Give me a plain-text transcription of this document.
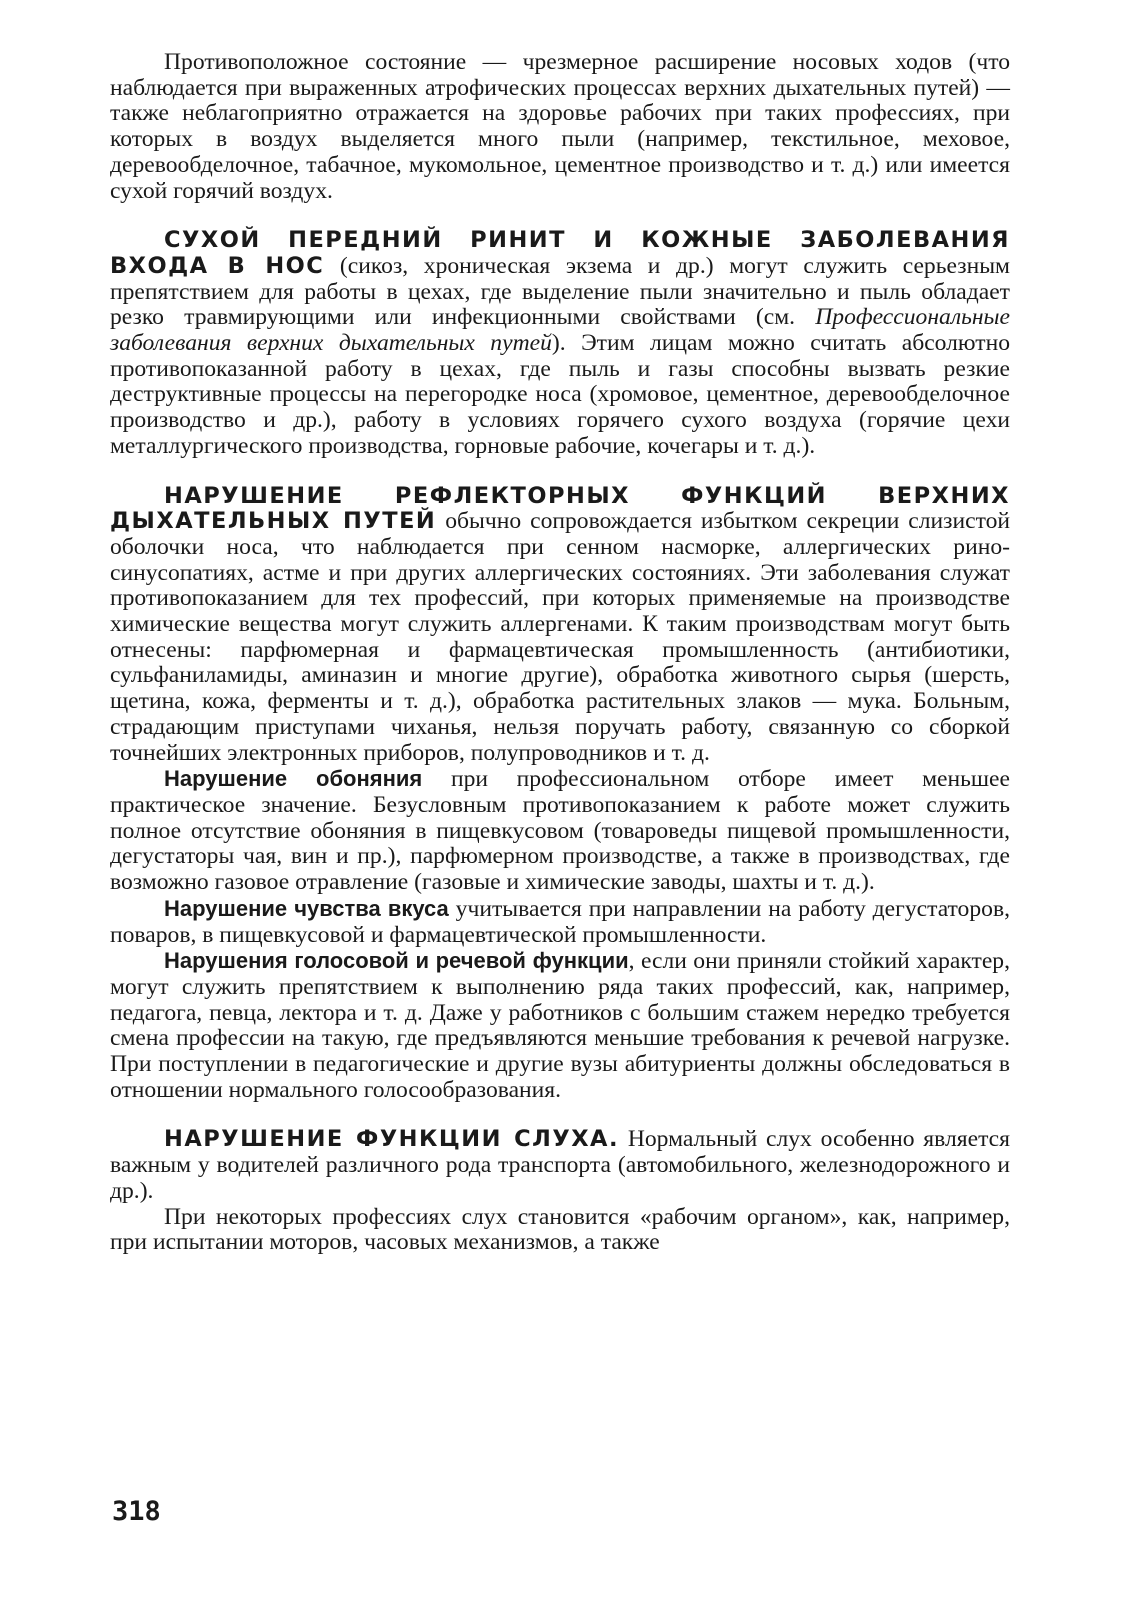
Противоположное состояние — чрезмерное расширение носовых ходов (что наблюдается при выраженных атрофических процессах верхних дыхательных путей) — также неблагоприятно отражается на здоровье рабочих при таких профессиях, при которых в воздух выделяется много пыли (например, текстильное, меховое, деревообделочное, табачное, мукомольное, цементное производство и т. д.) или имеется сухой горячий воздух.

СУХОЙ ПЕРЕДНИЙ РИНИТ И КОЖНЫЕ ЗАБОЛЕВАНИЯ ВХОДА В НОС (сикоз, хроническая экзема и др.) могут служить серьезным препятствием для работы в цехах, где выделение пыли значительно и пыль обладает резко травмирующими или инфекционными свойствами (см. Профессиональные заболевания верхних дыхательных путей). Этим лицам можно считать абсолютно противопоказанной работу в цехах, где пыль и газы способны вызвать резкие деструктивные процессы на перегородке носа (хромовое, цементное, деревообделочное производство и др.), работу в условиях горячего сухого воздуха (горячие цехи металлургического производства, горновые рабочие, кочегары и т. д.).

НАРУШЕНИЕ РЕФЛЕКТОРНЫХ ФУНКЦИЙ ВЕРХНИХ ДЫХАТЕЛЬНЫХ ПУТЕЙ обычно сопровождается избытком секреции слизистой оболочки носа, что наблюдается при сенном насморке, аллергических рино-синусопатиях, астме и при других аллергических состояниях. Эти заболевания служат противопоказанием для тех профессий, при которых применяемые на производстве химические вещества могут служить аллергенами. К таким производствам могут быть отнесены: парфюмерная и фармацевтическая промышленность (антибиотики, сульфаниламиды, аминазин и многие другие), обработка животного сырья (шерсть, щетина, кожа, ферменты и т. д.), обработка растительных злаков — мука. Больным, страдающим приступами чиханья, нельзя поручать работу, связанную со сборкой точнейших электронных приборов, полупроводников и т. д.

Нарушение обоняния при профессиональном отборе имеет меньшее практическое значение. Безусловным противопоказанием к работе может служить полное отсутствие обоняния в пищевкусовом (товароведы пищевой промышленности, дегустаторы чая, вин и пр.), парфюмерном производстве, а также в производствах, где возможно газовое отравление (газовые и химические заводы, шахты и т. д.).

Нарушение чувства вкуса учитывается при направлении на работу дегустаторов, поваров, в пищевкусовой и фармацевтической промышленности.

Нарушения голосовой и речевой функции, если они приняли стойкий характер, могут служить препятствием к выполнению ряда таких профессий, как, например, педагога, певца, лектора и т. д. Даже у работников с большим стажем нередко требуется смена профессии на такую, где предъявляются меньшие требования к речевой нагрузке. При поступлении в педагогические и другие вузы абитуриенты должны обследоваться в отношении нормального голосообразования.

НАРУШЕНИЕ ФУНКЦИИ СЛУХА. Нормальный слух особенно является важным у водителей различного рода транспорта (автомобильного, железнодорожного и др.).

При некоторых профессиях слух становится «рабочим органом», как, например, при испытании моторов, часовых механизмов, а также

318
